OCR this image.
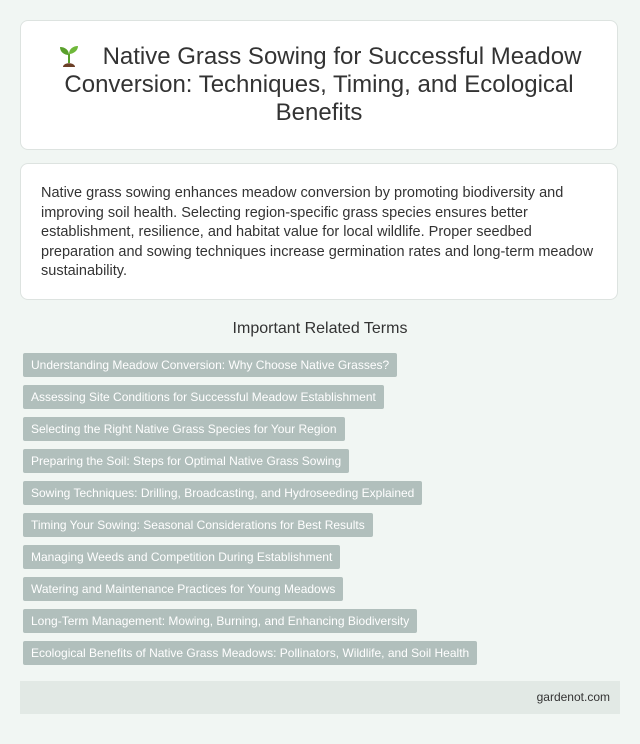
Native Grass Sowing for Successful Meadow Conversion: Techniques, Timing, and Ecological Benefits

Native grass sowing enhances meadow conversion by promoting biodiversity and improving soil health. Selecting region-specific grass species ensures better establishment, resilience, and habitat value for local wildlife. Proper seedbed preparation and sowing techniques increase germination rates and long-term meadow sustainability.

Important Related Terms
Understanding Meadow Conversion: Why Choose Native Grasses?
Assessing Site Conditions for Successful Meadow Establishment
Selecting the Right Native Grass Species for Your Region
Preparing the Soil: Steps for Optimal Native Grass Sowing
Sowing Techniques: Drilling, Broadcasting, and Hydroseeding Explained
Timing Your Sowing: Seasonal Considerations for Best Results
Managing Weeds and Competition During Establishment
Watering and Maintenance Practices for Young Meadows
Long-Term Management: Mowing, Burning, and Enhancing Biodiversity
Ecological Benefits of Native Grass Meadows: Pollinators, Wildlife, and Soil Health
gardenot.com
